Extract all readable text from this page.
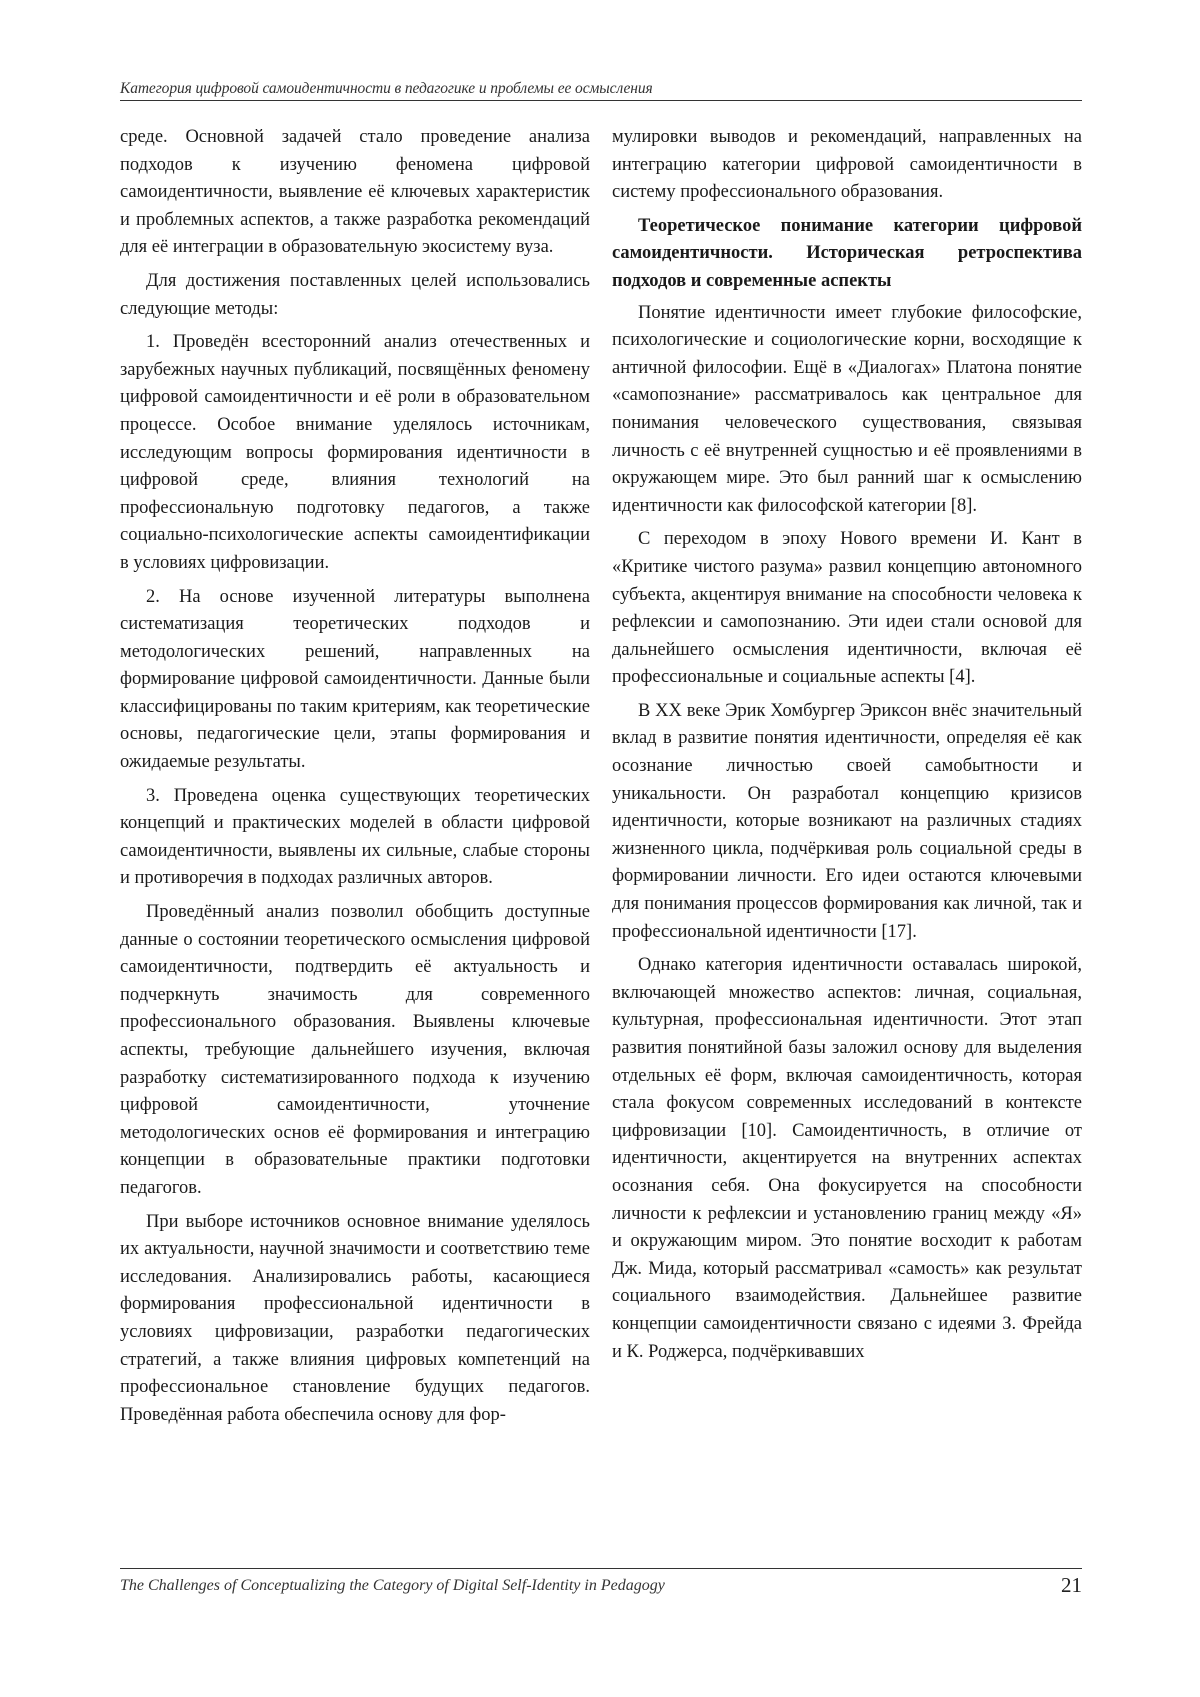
Категория цифровой самоидентичности в педагогике и проблемы ее осмысления

среде. Основной задачей стало проведение анализа подходов к изучению феномена цифровой самоидентичности, выявление её ключевых характеристик и проблемных аспектов, а также разработка рекомендаций для её интеграции в образовательную экосистему вуза.

Для достижения поставленных целей использовались следующие методы:

1. Проведён всесторонний анализ отечественных и зарубежных научных публикаций, посвящённых феномену цифровой самоидентичности и её роли в образовательном процессе. Особое внимание уделялось источникам, исследующим вопросы формирования идентичности в цифровой среде, влияния технологий на профессиональную подготовку педагогов, а также социально-психологические аспекты самоидентификации в условиях цифровизации.

2. На основе изученной литературы выполнена систематизация теоретических подходов и методологических решений, направленных на формирование цифровой самоидентичности. Данные были классифицированы по таким критериям, как теоретические основы, педагогические цели, этапы формирования и ожидаемые результаты.

3. Проведена оценка существующих теоретических концепций и практических моделей в области цифровой самоидентичности, выявлены их сильные, слабые стороны и противоречия в подходах различных авторов.

Проведённый анализ позволил обобщить доступные данные о состоянии теоретического осмысления цифровой самоидентичности, подтвердить её актуальность и подчеркнуть значимость для современного профессионального образования. Выявлены ключевые аспекты, требующие дальнейшего изучения, включая разработку систематизированного подхода к изучению цифровой самоидентичности, уточнение методологических основ её формирования и интеграцию концепции в образовательные практики подготовки педагогов.

При выборе источников основное внимание уделялось их актуальности, научной значимости и соответствию теме исследования. Анализировались работы, касающиеся формирования профессиональной идентичности в условиях цифровизации, разработки педагогических стратегий, а также влияния цифровых компетенций на профессиональное становление будущих педагогов. Проведённая работа обеспечила основу для фор-

мулировки выводов и рекомендаций, направленных на интеграцию категории цифровой самоидентичности в систему профессионального образования.

Теоретическое понимание категории цифровой самоидентичности. Историческая ретроспектива подходов и современные аспекты

Понятие идентичности имеет глубокие философские, психологические и социологические корни, восходящие к античной философии. Ещё в «Диалогах» Платона понятие «самопознание» рассматривалось как центральное для понимания человеческого существования, связывая личность с её внутренней сущностью и её проявлениями в окружающем мире. Это был ранний шаг к осмыслению идентичности как философской категории [8].

С переходом в эпоху Нового времени И. Кант в «Критике чистого разума» развил концепцию автономного субъекта, акцентируя внимание на способности человека к рефлексии и самопознанию. Эти идеи стали основой для дальнейшего осмысления идентичности, включая её профессиональные и социальные аспекты [4].

В XX веке Эрик Хомбургер Эриксон внёс значительный вклад в развитие понятия идентичности, определяя её как осознание личностью своей самобытности и уникальности. Он разработал концепцию кризисов идентичности, которые возникают на различных стадиях жизненного цикла, подчёркивая роль социальной среды в формировании личности. Его идеи остаются ключевыми для понимания процессов формирования как личной, так и профессиональной идентичности [17].

Однако категория идентичности оставалась широкой, включающей множество аспектов: личная, социальная, культурная, профессиональная идентичности. Этот этап развития понятийной базы заложил основу для выделения отдельных её форм, включая самоидентичность, которая стала фокусом современных исследований в контексте цифровизации [10]. Самоидентичность, в отличие от идентичности, акцентируется на внутренних аспектах осознания себя. Она фокусируется на способности личности к рефлексии и установлению границ между «Я» и окружающим миром. Это понятие восходит к работам Дж. Мида, который рассматривал «самость» как результат социального взаимодействия. Дальнейшее развитие концепции самоидентичности связано с идеями З. Фрейда и К. Роджерса, подчёркивавших

The Challenges of Conceptualizing the Category of Digital Self-Identity in Pedagogy	21
